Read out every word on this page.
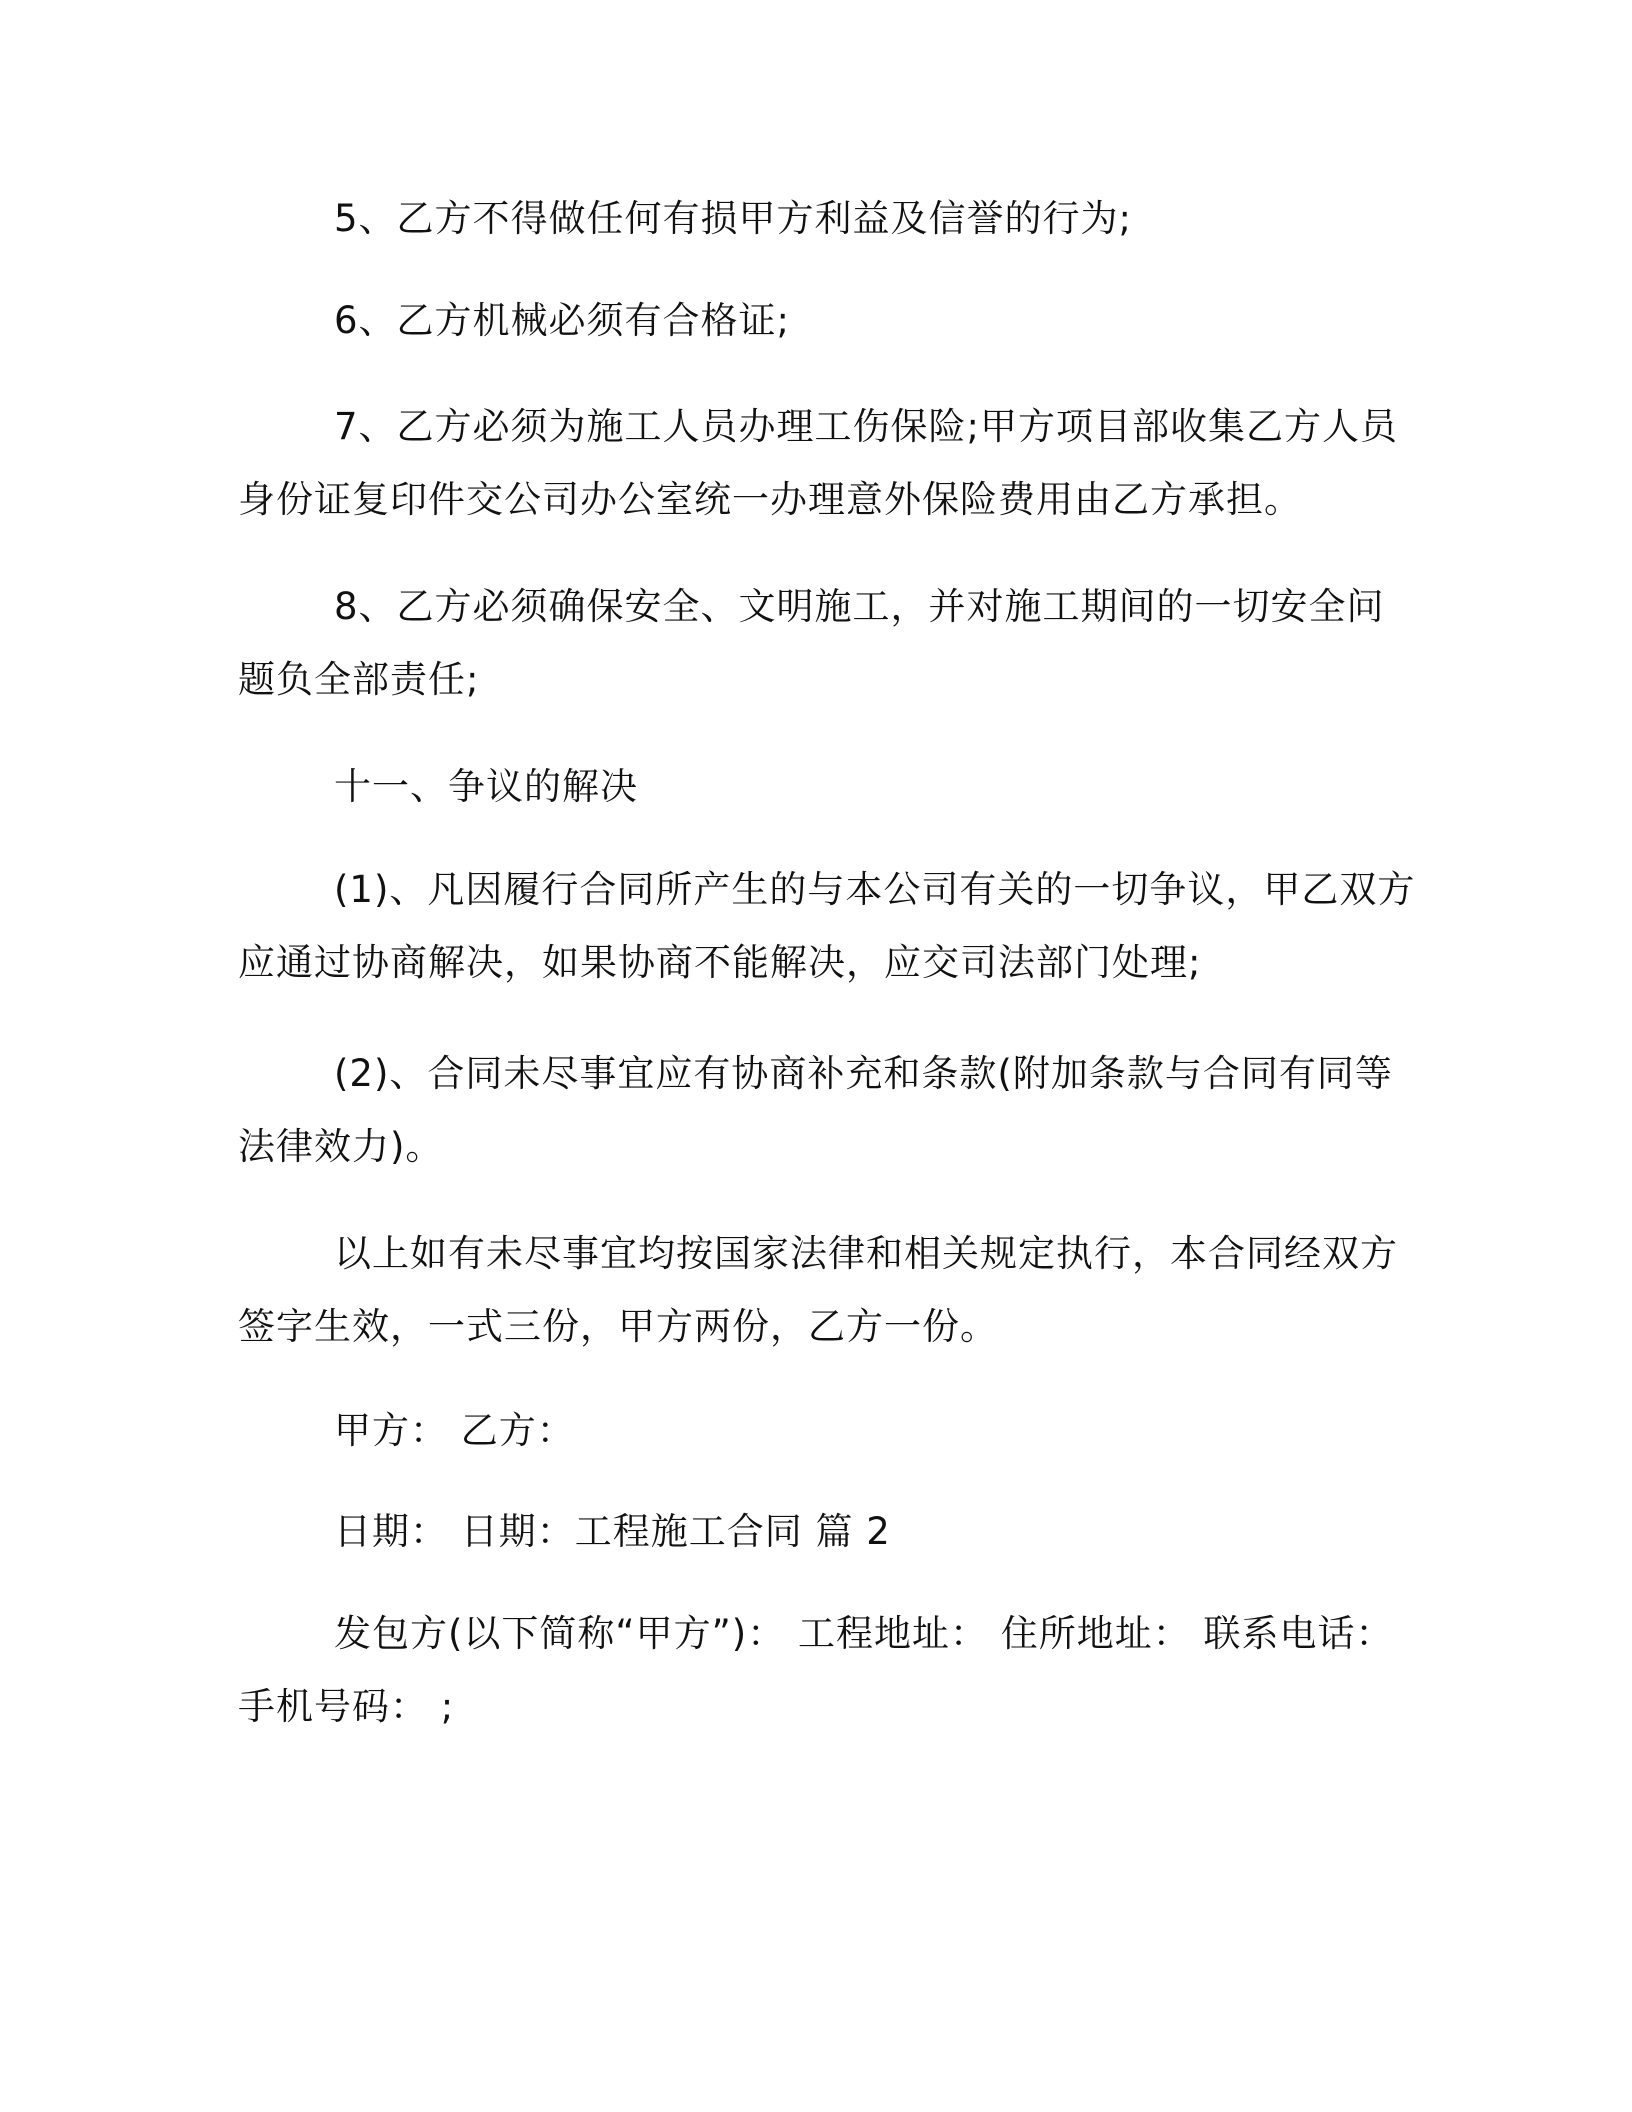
5、乙方不得做任何有损甲方利益及信誉的行为;

6、乙方机械必须有合格证;

7、乙方必须为施工人员办理工伤保险;甲方项目部收集乙方人员身份证复印件交公司办公室统一办理意外保险费用由乙方承担。

8、乙方必须确保安全、文明施工，并对施工期间的一切安全问题负全部责任;

十一、争议的解决

(1)、凡因履行合同所产生的与本公司有关的一切争议，甲乙双方应通过协商解决，如果协商不能解决，应交司法部门处理;

(2)、合同未尽事宜应有协商补充和条款(附加条款与合同有同等法律效力)。

以上如有未尽事宜均按国家法律和相关规定执行，本合同经双方签字生效，一式三份，甲方两份，乙方一份。

甲方： 乙方：

日期： 日期：工程施工合同 篇 2

发包方(以下简称“甲方”)： 工程地址： 住所地址： 联系电话：手机号码： ;
